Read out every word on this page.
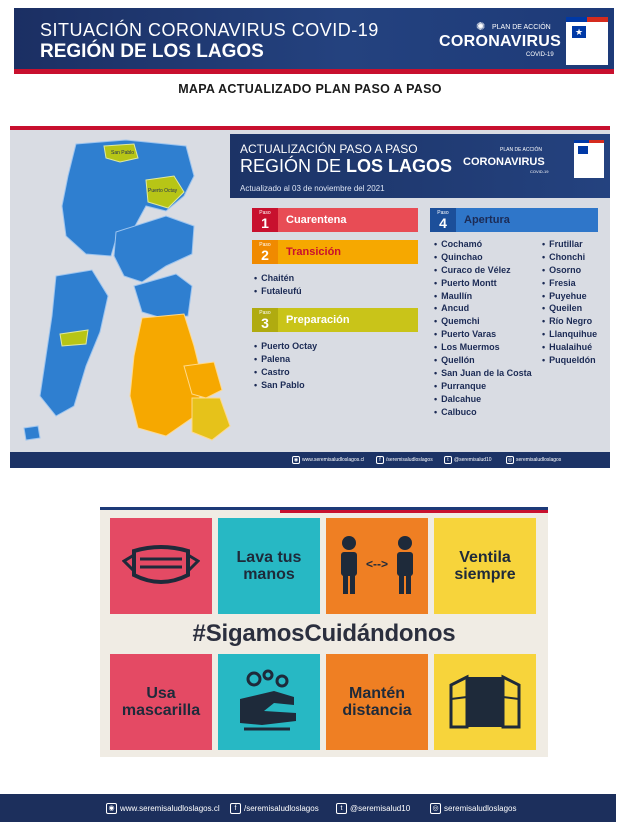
SITUACIÓN CORONAVIRUS COVID-19
REGIÓN DE LOS LAGOS
✺ PLAN DE ACCIÓN
CORONAVIRUS
COVID-19
★
MAPA ACTUALIZADO PLAN PASO A PASO
San Pablo
Puerto Octay
ACTUALIZACIÓN PASO A PASO
REGIÓN DE LOS LAGOS
Actualizado al 03 de noviembre del 2021
PLAN DE ACCIÓN
CORONAVIRUS
COVID-19
Paso
1	Cuarentena
Paso
2	Transición
• Chaitén
• Futaleufú
Paso
3	Preparación
• Puerto Octay
• Palena
• Castro
• San Pablo
Paso
4	Apertura
• Cochamó
• Quinchao
• Curaco de Vélez
• Puerto Montt
• Maullín
• Ancud
• Quemchi
• Puerto Varas
• Los Muermos
• Quellón
• San Juan de la Costa
• Purranque
• Dalcahue
• Calbuco
• Frutillar
• Chonchi
• Osorno
• Fresia
• Puyehue
• Queilen
• Río Negro
• Llanquihue
• Hualaihué
• Puqueldón
◉ www.seremisaludloslagos.cl	f /seremisaludloslagos	t @seremisalud10	◎ seremisaludloslagos
Lava tus manos
<-->	Ventila siempre
#SigamosCuidándonos
Usa mascarilla
Mantén distancia
◉ www.seremisaludloslagos.cl	f /seremisaludloslagos	t @seremisalud10	◎ seremisaludloslagos
